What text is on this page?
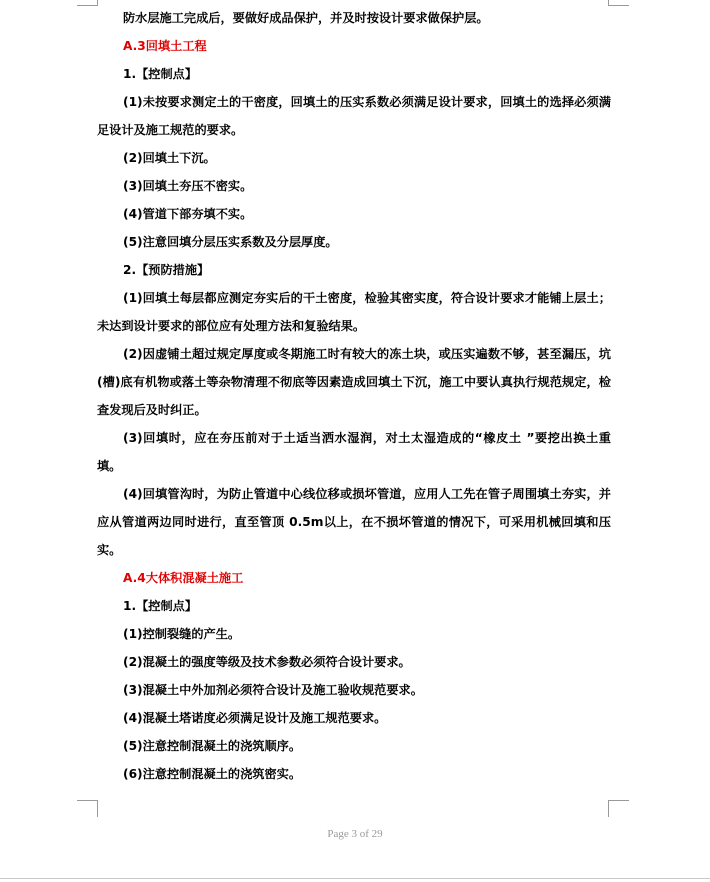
防水层施工完成后，要做好成品保护，并及时按设计要求做保护层。

A.3回填土工程

1.【控制点】

(1)未按要求测定土的干密度，回填土的压实系数必须满足设计要求，回填土的选择必须满足设计及施工规范的要求。

(2)回填土下沉。

(3)回填土夯压不密实。

(4)管道下部夯填不实。

(5)注意回填分层压实系数及分层厚度。

2.【预防措施】

(1)回填土每层都应测定夯实后的干土密度，检验其密实度，符合设计要求才能铺上层土；未达到设计要求的部位应有处理方法和复验结果。

(2)因虚铺土超过规定厚度或冬期施工时有较大的冻土块，或压实遍数不够，甚至漏压，坑(槽)底有机物或落土等杂物清理不彻底等因素造成回填土下沉，施工中要认真执行规范规定，检查发现后及时纠正。

(3)回填时，应在夯压前对于土适当洒水湿润，对土太湿造成的“橡皮土 ”要挖出换土重填。

(4)回填管沟时，为防止管道中心线位移或损坏管道，应用人工先在管子周围填土夯实，并应从管道两边同时进行，直至管顶 0.5m以上，在不损坏管道的情况下，可采用机械回填和压实。

A.4大体积混凝土施工

1.【控制点】

(1)控制裂缝的产生。

(2)混凝土的强度等级及技术参数必须符合设计要求。

(3)混凝土中外加剂必须符合设计及施工验收规范要求。

(4)混凝土塔诺度必须满足设计及施工规范要求。

(5)注意控制混凝土的浇筑顺序。

(6)注意控制混凝土的浇筑密实。

Page 3 of 29
